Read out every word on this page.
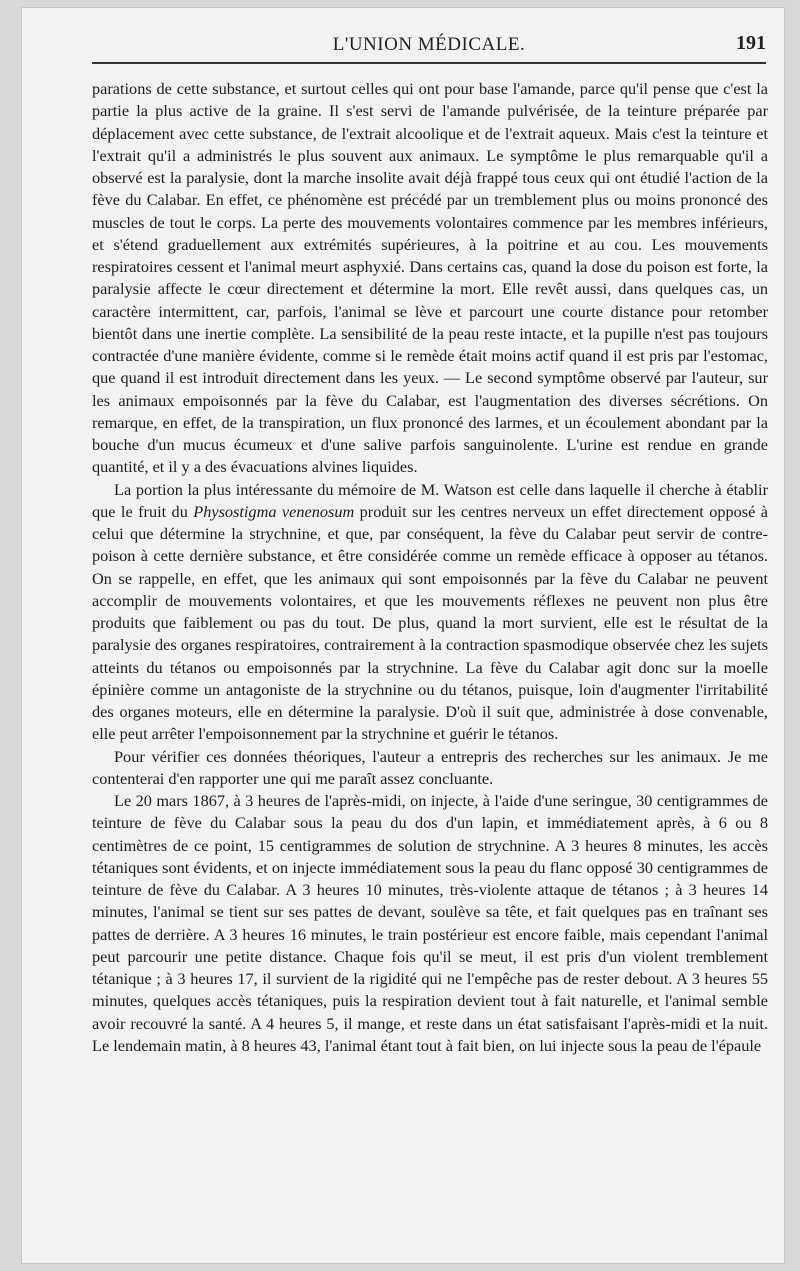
L'UNION MÉDICALE.	191

parations de cette substance, et surtout celles qui ont pour base l'amande, parce qu'il pense que c'est la partie la plus active de la graine. Il s'est servi de l'amande pulvérisée, de la teinture préparée par déplacement avec cette substance, de l'extrait alcoolique et de l'extrait aqueux. Mais c'est la teinture et l'extrait qu'il a administrés le plus souvent aux animaux. Le symptôme le plus remarquable qu'il a observé est la paralysie, dont la marche insolite avait déjà frappé tous ceux qui ont étudié l'action de la fève du Calabar. En effet, ce phénomène est précédé par un tremblement plus ou moins prononcé des muscles de tout le corps. La perte des mouvements volontaires commence par les membres inférieurs, et s'étend graduellement aux extrémités supérieures, à la poitrine et au cou. Les mouvements respiratoires cessent et l'animal meurt asphyxié. Dans certains cas, quand la dose du poison est forte, la paralysie affecte le cœur directement et détermine la mort. Elle revêt aussi, dans quelques cas, un caractère intermittent, car, parfois, l'animal se lève et parcourt une courte distance pour retomber bientôt dans une inertie complète. La sensibilité de la peau reste intacte, et la pupille n'est pas toujours contractée d'une manière évidente, comme si le remède était moins actif quand il est pris par l'estomac, que quand il est introduit directement dans les yeux. — Le second symptôme observé par l'auteur, sur les animaux empoisonnés par la fève du Calabar, est l'augmentation des diverses sécrétions. On remarque, en effet, de la transpiration, un flux prononcé des larmes, et un écoulement abondant par la bouche d'un mucus écumeux et d'une salive parfois sanguinolente. L'urine est rendue en grande quantité, et il y a des évacuations alvines liquides.

La portion la plus intéressante du mémoire de M. Watson est celle dans laquelle il cherche à établir que le fruit du Physostigma venenosum produit sur les centres nerveux un effet directement opposé à celui que détermine la strychnine, et que, par conséquent, la fève du Calabar peut servir de contre-poison à cette dernière substance, et être considérée comme un remède efficace à opposer au tétanos. On se rappelle, en effet, que les animaux qui sont empoisonnés par la fève du Calabar ne peuvent accomplir de mouvements volontaires, et que les mouvements réflexes ne peuvent non plus être produits que faiblement ou pas du tout. De plus, quand la mort survient, elle est le résultat de la paralysie des organes respiratoires, contrairement à la contraction spasmodique observée chez les sujets atteints du tétanos ou empoisonnés par la strychnine. La fève du Calabar agit donc sur la moelle épinière comme un antagoniste de la strychnine ou du tétanos, puisque, loin d'augmenter l'irritabilité des organes moteurs, elle en détermine la paralysie. D'où il suit que, administrée à dose convenable, elle peut arrêter l'empoisonnement par la strychnine et guérir le tétanos.

Pour vérifier ces données théoriques, l'auteur a entrepris des recherches sur les animaux. Je me contenterai d'en rapporter une qui me paraît assez concluante.

Le 20 mars 1867, à 3 heures de l'après-midi, on injecte, à l'aide d'une seringue, 30 centigrammes de teinture de fève du Calabar sous la peau du dos d'un lapin, et immédiatement après, à 6 ou 8 centimètres de ce point, 15 centigrammes de solution de strychnine. A 3 heures 8 minutes, les accès tétaniques sont évidents, et on injecte immédiatement sous la peau du flanc opposé 30 centigrammes de teinture de fève du Calabar. A 3 heures 10 minutes, très-violente attaque de tétanos ; à 3 heures 14 minutes, l'animal se tient sur ses pattes de devant, soulève sa tête, et fait quelques pas en traînant ses pattes de derrière. A 3 heures 16 minutes, le train postérieur est encore faible, mais cependant l'animal peut parcourir une petite distance. Chaque fois qu'il se meut, il est pris d'un violent tremblement tétanique ; à 3 heures 17, il survient de la rigidité qui ne l'empêche pas de rester debout. A 3 heures 55 minutes, quelques accès tétaniques, puis la respiration devient tout à fait naturelle, et l'animal semble avoir recouvré la santé. A 4 heures 5, il mange, et reste dans un état satisfaisant l'après-midi et la nuit. Le lendemain matin, à 8 heures 43, l'animal étant tout à fait bien, on lui injecte sous la peau de l'épaule
